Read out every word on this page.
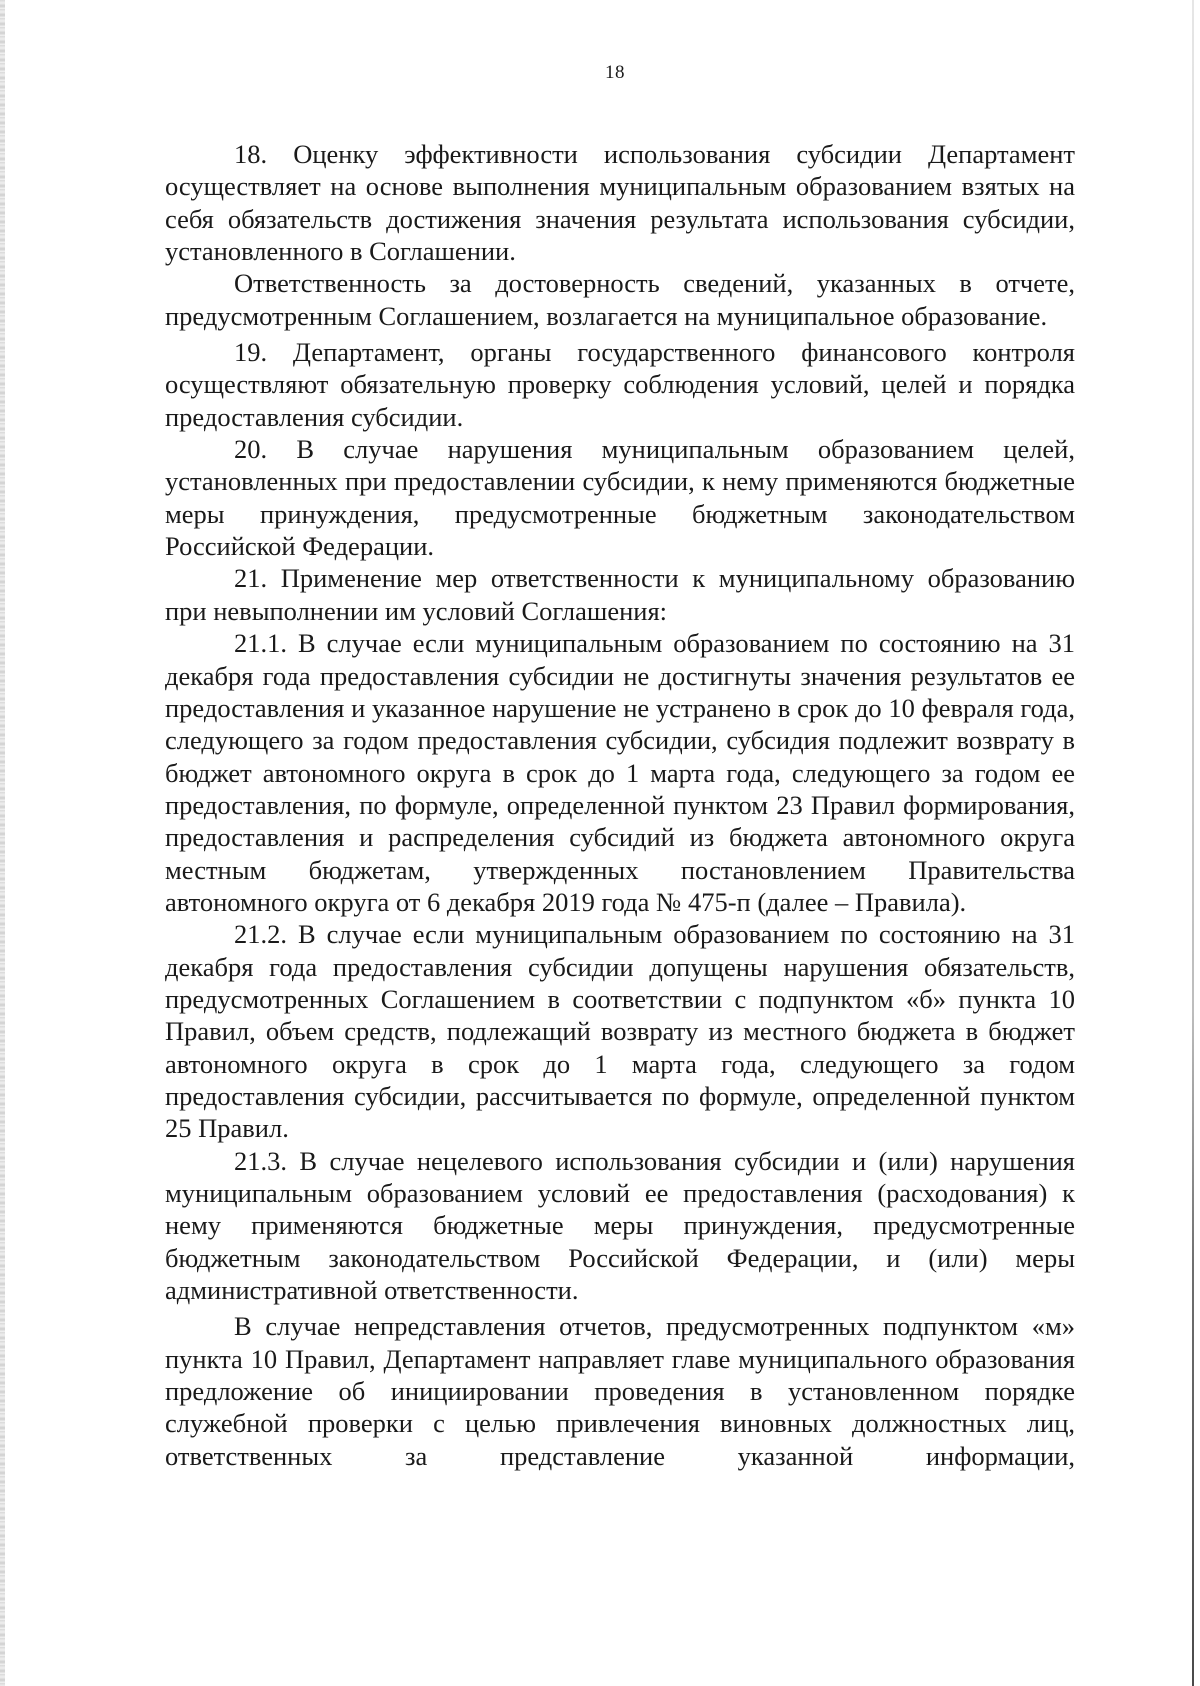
18

18. Оценку эффективности использования субсидии Департамент осуществляет на основе выполнения муниципальным образованием взятых на себя обязательств достижения значения результата использования субсидии, установленного в Соглашении.

Ответственность за достоверность сведений, указанных в отчете, предусмотренным Соглашением, возлагается на муниципальное образование.

19. Департамент, органы государственного финансового контроля осуществляют обязательную проверку соблюдения условий, целей и порядка предоставления субсидии.

20. В случае нарушения муниципальным образованием целей, установленных при предоставлении субсидии, к нему применяются бюджетные меры принуждения, предусмотренные бюджетным законодательством Российской Федерации.

21. Применение мер ответственности к муниципальному образованию при невыполнении им условий Соглашения:

21.1. В случае если муниципальным образованием по состоянию на 31 декабря года предоставления субсидии не достигнуты значения результатов ее предоставления и указанное нарушение не устранено в срок до 10 февраля года, следующего за годом предоставления субсидии, субсидия подлежит возврату в бюджет автономного округа в срок до 1 марта года, следующего за годом ее предоставления, по формуле, определенной пунктом 23 Правил формирования, предоставления и распределения субсидий из бюджета автономного округа местным бюджетам, утвержденных постановлением Правительства автономного округа от 6 декабря 2019 года № 475-п (далее – Правила).

21.2. В случае если муниципальным образованием по состоянию на 31 декабря года предоставления субсидии допущены нарушения обязательств, предусмотренных Соглашением в соответствии с подпунктом «б» пункта 10 Правил, объем средств, подлежащий возврату из местного бюджета в бюджет автономного округа в срок до 1 марта года, следующего за годом предоставления субсидии, рассчитывается по формуле, определенной пунктом 25 Правил.

21.3. В случае нецелевого использования субсидии и (или) нарушения муниципальным образованием условий ее предоставления (расходования) к нему применяются бюджетные меры принуждения, предусмотренные бюджетным законодательством Российской Федерации, и (или) меры административной ответственности.

В случае непредставления отчетов, предусмотренных подпунктом «м» пункта 10 Правил, Департамент направляет главе муниципального образования предложение об инициировании проведения в установленном порядке служебной проверки с целью привлечения виновных должностных лиц, ответственных за представление указанной информации,
